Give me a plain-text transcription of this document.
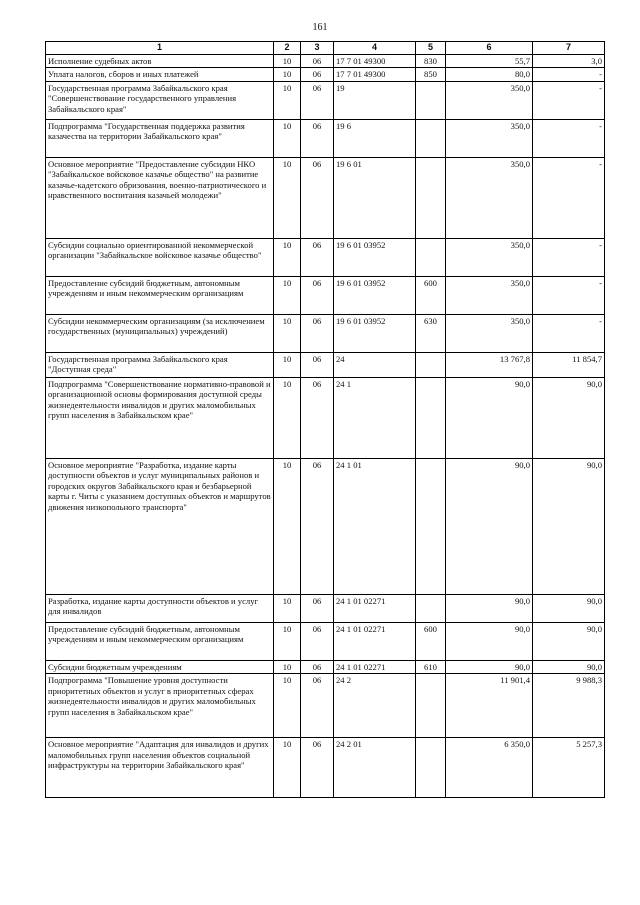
161
1	2	3	4	5	6	7
Исполнение судебных актов	10	06	17 7 01 49300	830	55,7	3,0
Уплата налогов, сборов и иных платежей	10	06	17 7 01 49300	850	80,0	-
Государственная программа Забайкальского края "Совершенствование государственного управления Забайкальского края"	10	06	19		350,0	-
Подпрограмма "Государственная поддержка развития казачества на территории Забайкальского края"	10	06	19 6		350,0	-
Основное мероприятие "Предоставление субсидии НКО "Забайкальское войсковое казачье общество" на развитие казачье-кадетского обризования, военно-патриотического и нравственного воспитания казачьей молодежи"	10	06	19 6 01		350,0	-
Субсидии социально ориентированной некоммерческой организации "Забайкальское войсковое казачье общество"	10	06	19 6 01 03952		350,0	-
Предоставление субсидий бюджетным, автономным учреждениям и иным некоммерческим организациям	10	06	19 6 01 03952	600	350,0	-
Субсидии некоммерческим организациям (за исключением государственных (муниципальных) учреждений)	10	06	19 6 01 03952	630	350,0	-
Государственная программа Забайкальского края "Доступная среда"	10	06	24		13 767,8	11 854,7
Подпрограмма "Совершенствование нормативно-правовой и организационной основы формирования доступной среды жизнедеятельности инвалидов и других маломобильных групп населения в Забайкальском крае"	10	06	24 1		90,0	90,0
Основное мероприятие "Разработка, издание карты доступности объектов и услуг муниципальных районов и городских округов Забайкальского края и безбарьерной карты г. Читы с указанием доступных объектов и маршрутов движения низкопольного транспорта"	10	06	24 1 01		90,0	90,0
Разработка, издание карты доступности объектов и услуг для инвалидов	10	06	24 1 01 02271		90,0	90,0
Предоставление субсидий бюджетным, автономным учреждениям и иным некоммерческим организациям	10	06	24 1 01 02271	600	90,0	90,0
Субсидии бюджетным учреждениям	10	06	24 1 01 02271	610	90,0	90,0
Подпрограмма "Повышение уровня доступности приоритетных объектов и услуг в приоритетных сферах жизнедеятельности инвалидов и других маломобильных групп населения в Забайкальском крае"	10	06	24 2		11 901,4	9 988,3
Основное мероприятие "Адаптация для инвалидов и других маломобильных групп населения объектов социальной инфраструктуры на территории Забайкальского края"	10	06	24 2 01		6 350,0	5 257,3
